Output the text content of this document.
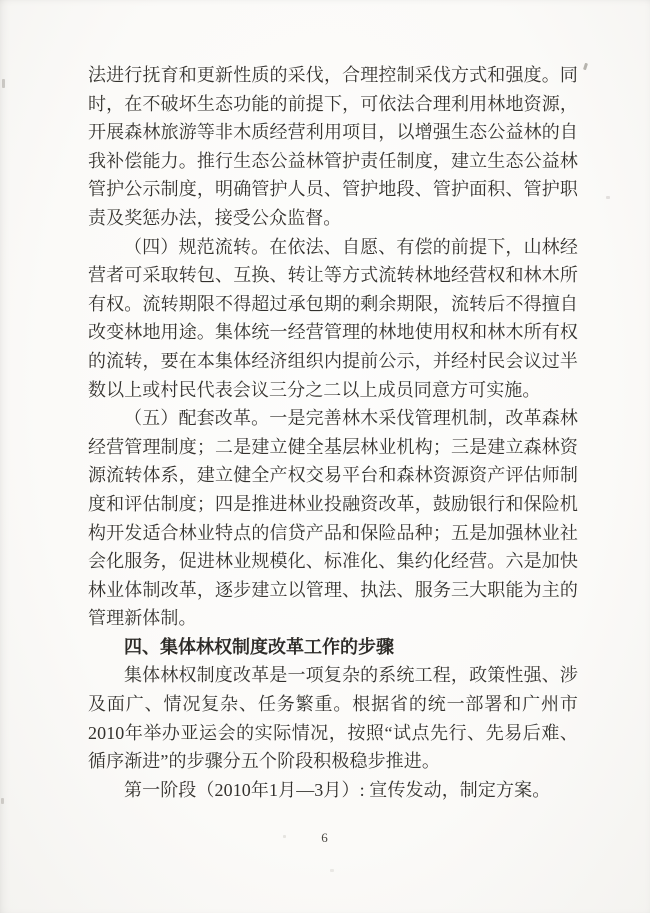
法进行抚育和更新性质的采伐，合理控制采伐方式和强度。同时，在不破坏生态功能的前提下，可依法合理利用林地资源，开展森林旅游等非木质经营利用项目，以增强生态公益林的自我补偿能力。推行生态公益林管护责任制度，建立生态公益林管护公示制度，明确管护人员、管护地段、管护面积、管护职责及奖惩办法，接受公众监督。

（四）规范流转。在依法、自愿、有偿的前提下，山林经营者可采取转包、互换、转让等方式流转林地经营权和林木所有权。流转期限不得超过承包期的剩余期限，流转后不得擅自改变林地用途。集体统一经营管理的林地使用权和林木所有权的流转，要在本集体经济组织内提前公示，并经村民会议过半数以上或村民代表会议三分之二以上成员同意方可实施。

（五）配套改革。一是完善林木采伐管理机制，改革森林经营管理制度；二是建立健全基层林业机构；三是建立森林资源流转体系，建立健全产权交易平台和森林资源资产评估师制度和评估制度；四是推进林业投融资改革，鼓励银行和保险机构开发适合林业特点的信贷产品和保险品种；五是加强林业社会化服务，促进林业规模化、标准化、集约化经营。六是加快林业体制改革，逐步建立以管理、执法、服务三大职能为主的管理新体制。

四、集体林权制度改革工作的步骤

集体林权制度改革是一项复杂的系统工程，政策性强、涉及面广、情况复杂、任务繁重。根据省的统一部署和广州市2010年举办亚运会的实际情况，按照“试点先行、先易后难、循序渐进”的步骤分五个阶段积极稳步推进。

第一阶段（2010年1月—3月）: 宣传发动，制定方案。

6
